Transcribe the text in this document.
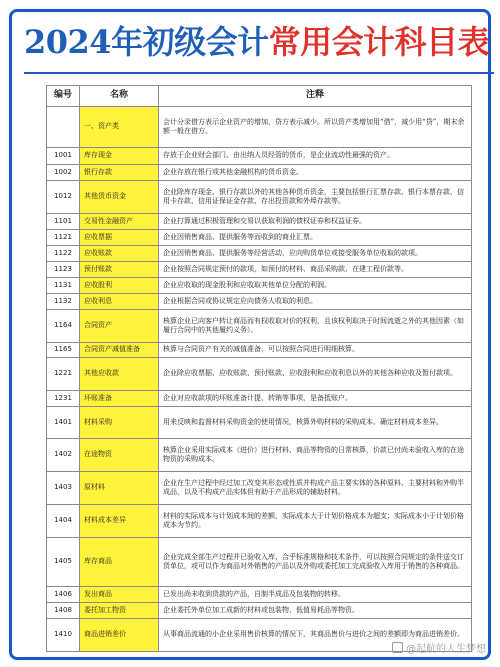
2024年初级会计常用会计科目表
编号	名称	注释
	一、资产类	会计分录借方表示企业资产的增加，贷方表示减少。所以资产类增加用“借”，减少用“贷”，期末余额一般在借方。
1001	库存现金	存放于企业财会部门、由出纳人员经管的货币，是企业流动性最强的资产。
1002	银行存款	企业存放在银行或其他金融机构的货币资金。
1012	其他货币资金	企业除库存现金、银行存款以外的其他各种货币资金，主要包括银行汇票存款、银行本票存款、信用卡存款、信用证保证金存款、存出投资款和外埠存款等。
1101	交易性金融资产	企业打算通过积极管理和交易以获取利润的债权证券和权益证券。
1121	应收票据	企业因销售商品、提供服务等而收到的商业汇票。
1122	应收账款	企业因销售商品、提供服务等经营活动，应向购货单位或接受服务单位收取的款项。
1123	预付账款	企业按照合同规定预付的款项，如预付的材料、商品采购款、在建工程价款等。
1131	应收股利	企业应收取的现金股利和应收取其他单位分配的利润。
1132	应收利息	企业根据合同或协议规定应向债务人收取的利息。
1164	合同资产	核算企业已向客户转让商品而有权收取对价的权利，且该权利取决于时间流逝之外的其他因素（如履行合同中的其他履约义务）。
1165	合同资产减值准备	核算与合同资产有关的减值准备，可以按照合同进行明细核算。
1221	其他应收款	企业除应收票据、应收账款、预付账款、应收股利和应收利息以外的其他各种应收及暂付款项。
1231	坏账准备	企业对应收款项的坏账准备计提、转销等事项，是备抵账户。
1401	材料采购	用来反映和监督材料采购资金的使用情况，核算外购材料的采购成本。确定材料成本差异。
1402	在途物资	核算企业采用实际成本（进价）进行材料、商品等物资的日常核算，价款已付尚未验收入库的在途物资的采购成本。
1403	原材料	企业在生产过程中经过加工改变其形态或性质并构成产品主要实体的各种原料、主要材料和外购半成品，以及不构成产品实体但有助于产品形成的辅助材料。
1404	材料成本差异	材料的实际成本与计划成本间的差额，实际成本大于计划价格成本为超支；实际成本小于计划价格成本为节约。
1405	库存商品	企业完成全部生产过程并已验收入库、合乎标准规格和技术条件，可以按照合同规定的条件送交订货单位，或可以作为商品对外销售的产品以及外购或委托加工完成验收入库用于销售的各种商品。
1406	发出商品	已发出尚未收到货款的产品，自制半成品及包装物的转移。
1408	委托加工物资	企业委托外单位加工成新的材料或包装物、低值易耗品等物资。
1410	商品进销差价	从事商品流通的小企业采用售价核算的情况下，其商品售价与进价之间的差额即为商品进销差价。
@起航的人生梦想
